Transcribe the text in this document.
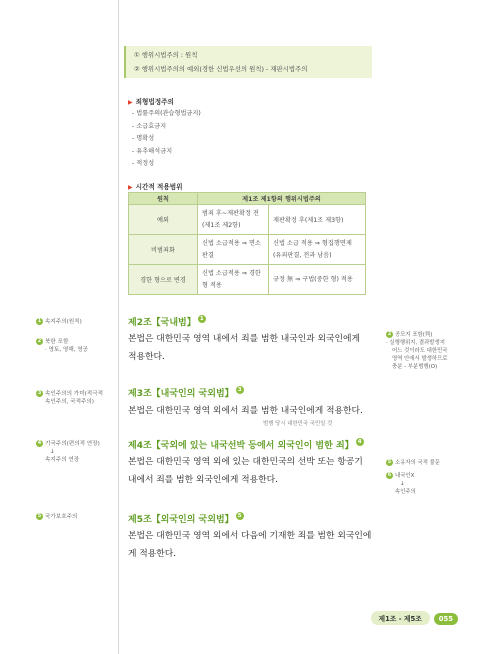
① 행위시법주의 : 원칙
② 행위시법주의의 예외(경한 신법우선의 원칙) - 재판시법주의
▶ 죄형법정주의
- 법률주의(관습형법금지)
- 소급효금지
- 명확성
- 유추해석금지
- 적정성
▶ 시간적 적용범위
원칙	제1조 제1항의 행위시법주의	
예외	범죄 후~재판확정 전 (제1조 제2항)	재판확정 후(제1조 제3항)
비범죄화	신법 소급적용 ⇒ 면소판결	신법 소급 적용 ⇒ 형집행면제 (유죄판결, 전과 남음)
경한 형으로 변경	신법 소급적용 ⇒ 경한 형 적용	규정 無 ⇒ 구법(중한 형) 적용
1 속지주의(원칙)
2 북한 포함
· 영토, 영해, 영공
3 속인주의의 가미(적극적
속인주의, 국적주의)
4 기국주의(편의적 연장)
↓
속지주의 연장
5 국가보호주의
제2조【국내범】 1
본법은 대한민국 영역 내에서 죄를 범한 내국인과 외국인에게
적용한다.
제3조【내국인의 국외범】 3
본법은 대한민국 영역 외에서 죄를 범한 내국인에게 적용한다.
범행 당시 대한민국 국민일 것
제4조【국외에 있는 내국선박 등에서 외국인이 범한 죄】 4
본법은 대한민국 영역 외에 있는 대한민국의 선박 또는 항공기
내에서 죄를 범한 외국인에게 적용한다.
제5조【외국인의 국외범】 5
본법은 대한민국 영역 외에서 다음에 기재한 죄를 범한 외국인에
게 적용한다.
2 공모지 포함(判)
· 실행행위지, 결과발생지
어느 것이라도 대한민국
영역 안에서 발생하므로
충분 - 부분범행(O)
5 소유자의 국적 불문
6 내국인X
↓
속인주의
제1조 - 제5조	055
